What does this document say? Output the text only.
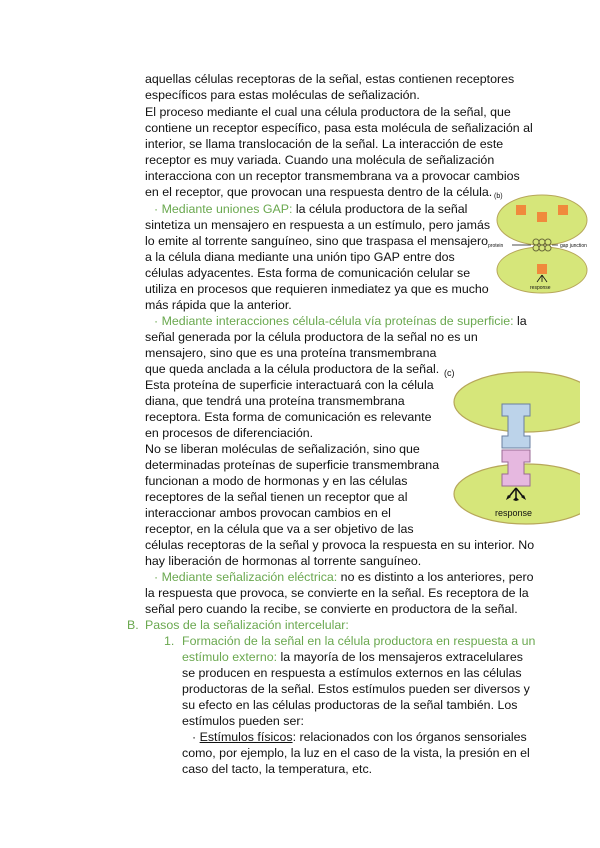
aquellas células receptoras de la señal, estas contienen receptores
específicos para estas moléculas de señalización.
El proceso mediante el cual una célula productora de la señal, que
contiene un receptor específico, pasa esta molécula de señalización al
interior, se llama translocación de la señal. La interacción de este
receptor es muy variada. Cuando una molécula de señalización
interacciona con un receptor transmembrana va a provocar cambios
en el receptor, que provocan una respuesta dentro de la célula.
· Mediante uniones GAP: la célula productora de la señal
sintetiza un mensajero en respuesta a un estímulo, pero jamás
lo emite al torrente sanguíneo, sino que traspasa el mensajero
a la célula diana mediante una unión tipo GAP entre dos
células adyacentes. Esta forma de comunicación celular se
utiliza en procesos que requieren inmediatez ya que es mucho
más rápida que la anterior.
(b)
protein	gap junction
response
· Mediante interacciones célula-célula vía proteínas de superficie: la
señal generada por la célula productora de la señal no es un
mensajero, sino que es una proteína transmembrana
que queda anclada a la célula productora de la señal.
Esta proteína de superficie interactuará con la célula
diana, que tendrá una proteína transmembrana
receptora. Esta forma de comunicación es relevante
en procesos de diferenciación.
No se liberan moléculas de señalización, sino que
determinadas proteínas de superficie transmembrana
funcionan a modo de hormonas y en las células
receptores de la señal tienen un receptor que al
interaccionar ambos provocan cambios en el
receptor, en la célula que va a ser objetivo de las
células receptoras de la señal y provoca la respuesta en su interior. No
hay liberación de hormonas al torrente sanguíneo.
(c)
response
· Mediante señalización eléctrica: no es distinto a los anteriores, pero
la respuesta que provoca, se convierte en la señal. Es receptora de la
señal pero cuando la recibe, se convierte en productora de la señal.
B. Pasos de la señalización intercelular:
1. Formación de la señal en la célula productora en respuesta a un
estímulo externo: la mayoría de los mensajeros extracelulares
se producen en respuesta a estímulos externos en las células
productoras de la señal. Estos estímulos pueden ser diversos y
su efecto en las células productoras de la señal también. Los
estímulos pueden ser:
· Estímulos físicos: relacionados con los órganos sensoriales
como, por ejemplo, la luz en el caso de la vista, la presión en el
caso del tacto, la temperatura, etc.
